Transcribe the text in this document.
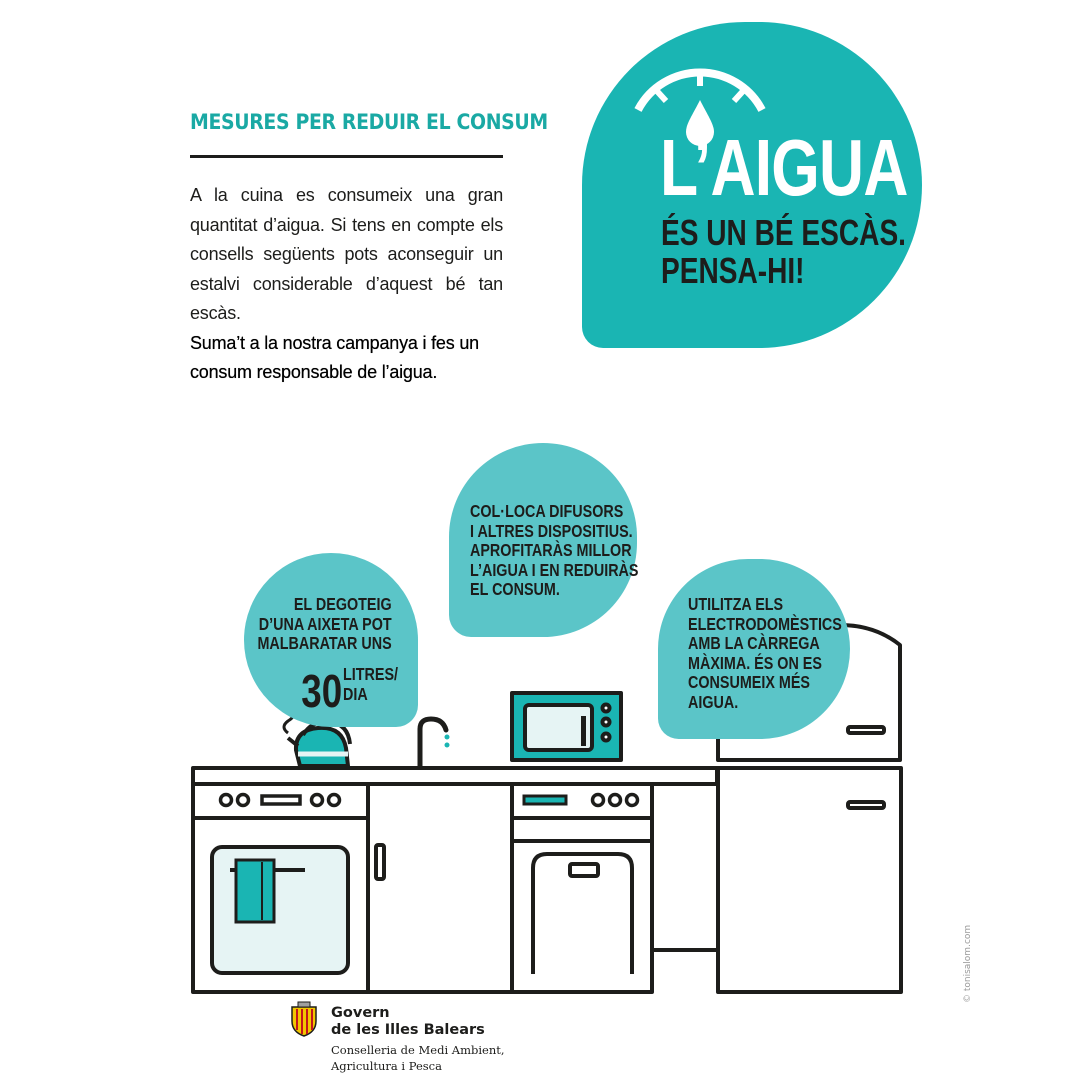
MESURES PER REDUIR EL CONSUM
A la cuina es consumeix una gran quantitat d’aigua. Si tens en compte els consells següents pots aconseguir un estalvi considerable d’aquest bé tan escàs.
Suma’t a la nostra campanya i fes un consum responsable de l’aigua.
L’AIGUA
ÉS UN BÉ ESCÀS.
PENSA-HI!
EL DEGOTEIG
D’UNA AIXETA POT
MALBARATAR UNS
30 LITRES/
DIA
COL·LOCA DIFUSORS
I ALTRES DISPOSITIUS.
APROFITARÀS MILLOR
L’AIGUA I EN REDUIRÀS
EL CONSUM.
UTILITZA ELS
ELECTRODOMÈSTICS
AMB LA CÀRREGA
MÀXIMA. ÉS ON ES
CONSUMEIX MÉS
AIGUA.
© tonisalom.com
Govern
de les Illes Balears
Conselleria de Medi Ambient,
Agricultura i Pesca
